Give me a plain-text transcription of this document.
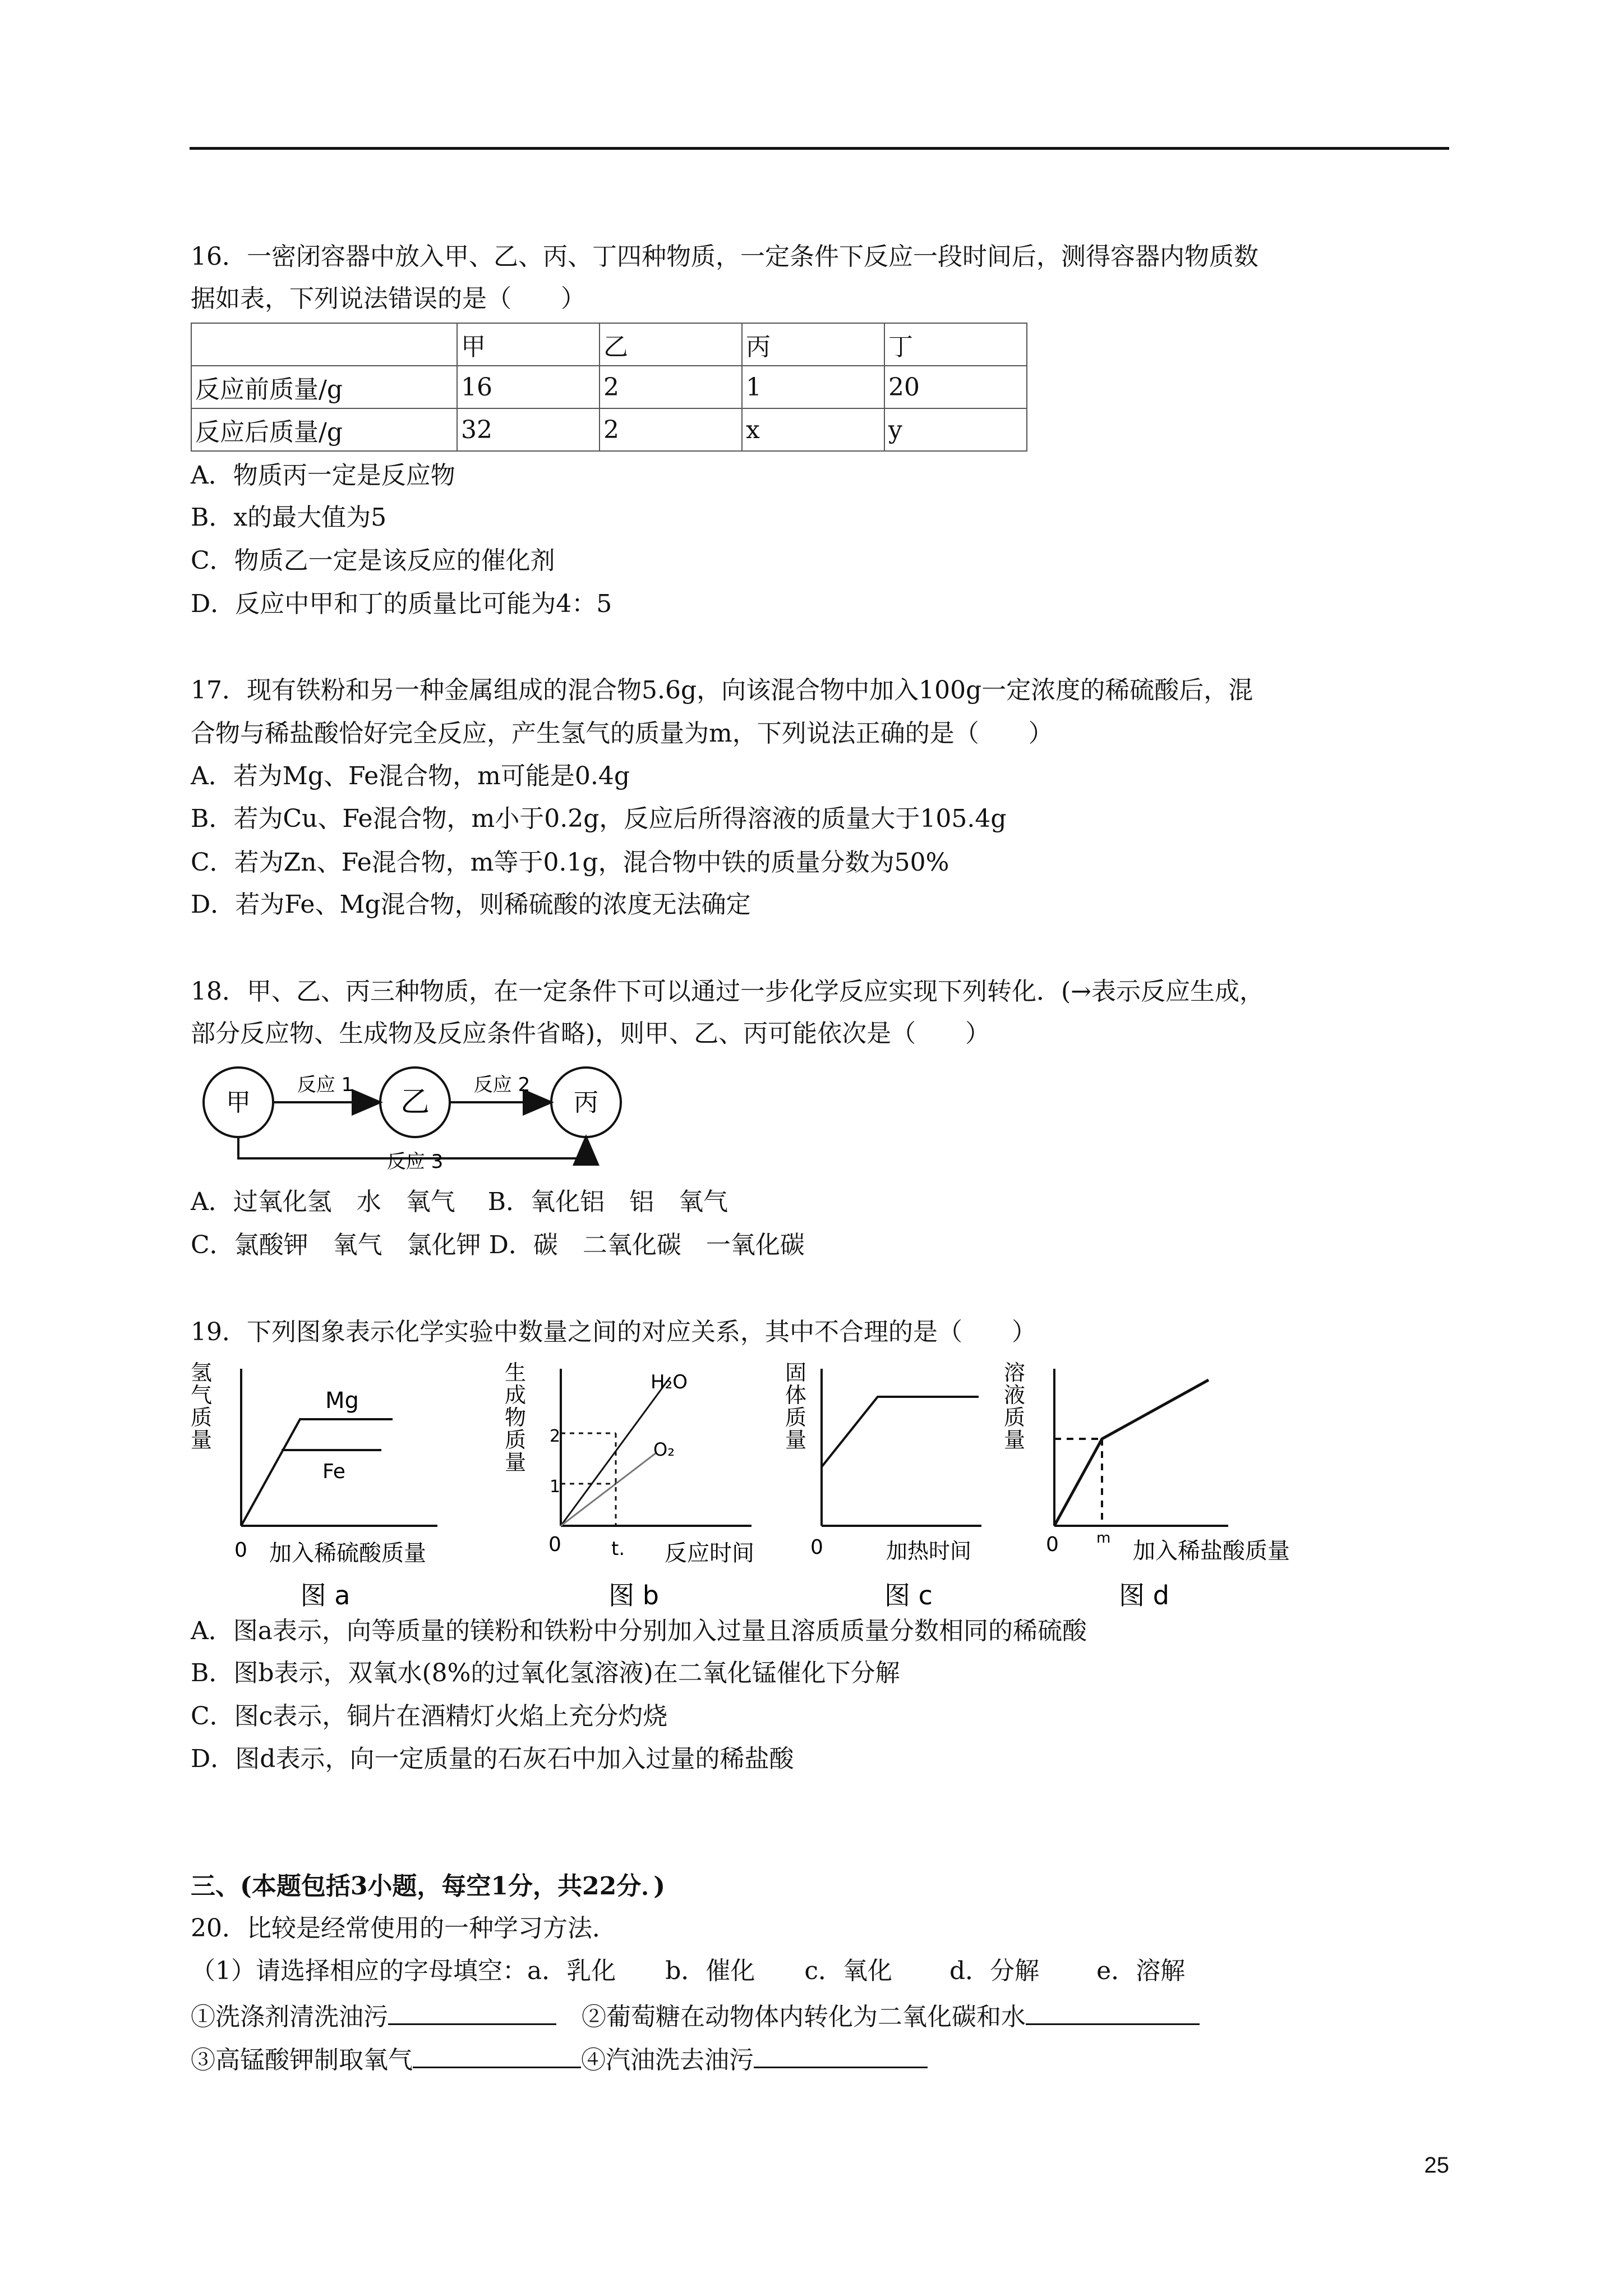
16．一密闭容器中放入甲、乙、丙、丁四种物质，一定条件下反应一段时间后，测得容器内物质数
据如表，下列说法错误的是（　　）
	甲	乙	丙	丁
反应前质量/g	16	2	1	20
反应后质量/g	32	2	x	y
A．物质丙一定是反应物
B．x的最大值为5
C．物质乙一定是该反应的催化剂
D．反应中甲和丁的质量比可能为4：5
17．现有铁粉和另一种金属组成的混合物5.6g，向该混合物中加入100g一定浓度的稀硫酸后，混
合物与稀盐酸恰好完全反应，产生氢气的质量为m，下列说法正确的是（　　）
A．若为Mg、Fe混合物，m可能是0.4g
B．若为Cu、Fe混合物，m小于0.2g，反应后所得溶液的质量大于105.4g
C．若为Zn、Fe混合物，m等于0.1g，混合物中铁的质量分数为50%
D．若为Fe、Mg混合物，则稀硫酸的浓度无法确定
18．甲、乙、丙三种物质，在一定条件下可以通过一步化学反应实现下列转化．(→表示反应生成，
部分反应物、生成物及反应条件省略)，则甲、乙、丙可能依次是（　　）
甲	乙	丙
反应 1	反应 2
反应 3
A．过氧化氢　水　氧气　 B．氧化铝　铝　氧气
C．氯酸钾　氧气　氯化钾 D．碳　二氧化碳　一氧化碳
19．下列图象表示化学实验中数量之间的对应关系，其中不合理的是（　　）
氢气质量
Mg
Fe
0 加入稀硫酸质量
图 a
生成物质量
2
1
H₂O
O₂
0	t. 反应时间
图 b
固体质量
0	加热时间
图 c
溶液质量
0	m 加入稀盐酸质量
图 d
A．图a表示，向等质量的镁粉和铁粉中分别加入过量且溶质质量分数相同的稀硫酸
B．图b表示，双氧水(8%的过氧化氢溶液)在二氧化锰催化下分解
C．图c表示，铜片在酒精灯火焰上充分灼烧
D．图d表示，向一定质量的石灰石中加入过量的稀盐酸
三、(本题包括3小题，每空1分，共22分．)
20．比较是经常使用的一种学习方法．
（1）请选择相应的字母填空：a．乳化　　b．催化　　c．氧化　　 d．分解　　 e．溶解
①洗涤剂清洗油污	②葡萄糖在动物体内转化为二氧化碳和水
③高锰酸钾制取氧气	④汽油洗去油污
25
